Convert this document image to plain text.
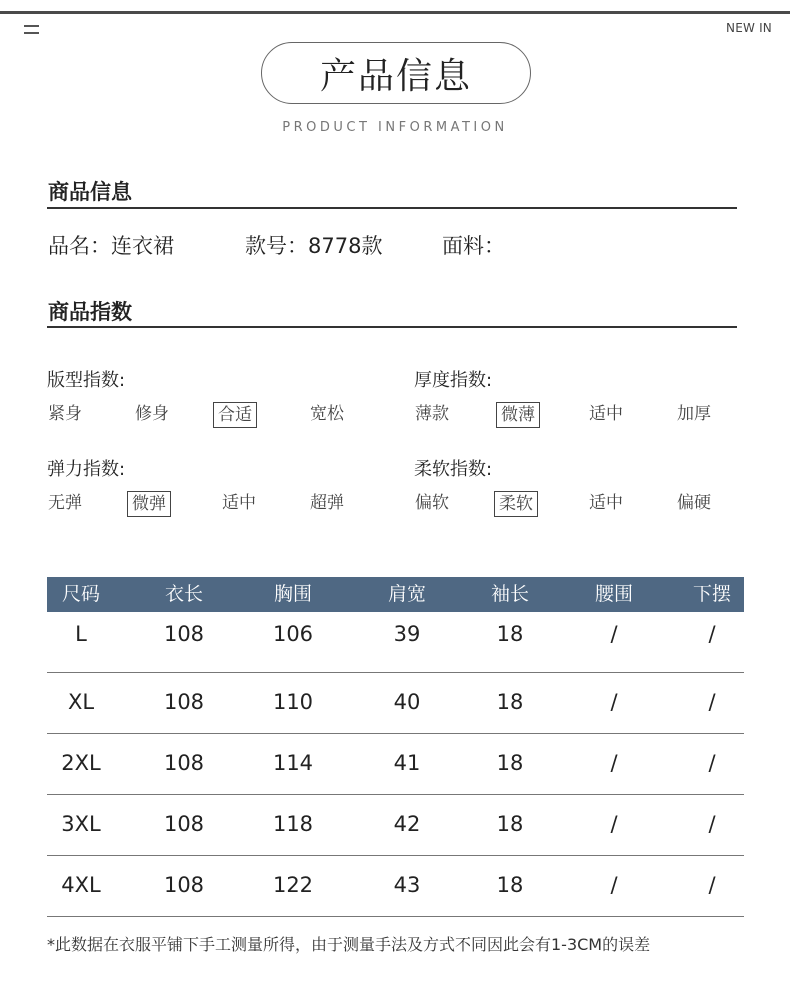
NEW IN
产品信息
PRODUCT INFORMATION
商品信息
品名：连衣裙	款号：8778款	面料：
商品指数
版型指数:
紧身	修身	合适	宽松
厚度指数:
薄款	微薄	适中	加厚
弹力指数:
无弹	微弹	适中	超弹
柔软指数:
偏软	柔软	适中	偏硬
尺码	衣长	胸围	肩宽	袖长	腰围	下摆
L	108	106	39	18	/	/
XL	108	110	40	18	/	/
2XL	108	114	41	18	/	/
3XL	108	118	42	18	/	/
4XL	108	122	43	18	/	/
*此数据在衣服平铺下手工测量所得，由于测量手法及方式不同因此会有1-3CM的误差
